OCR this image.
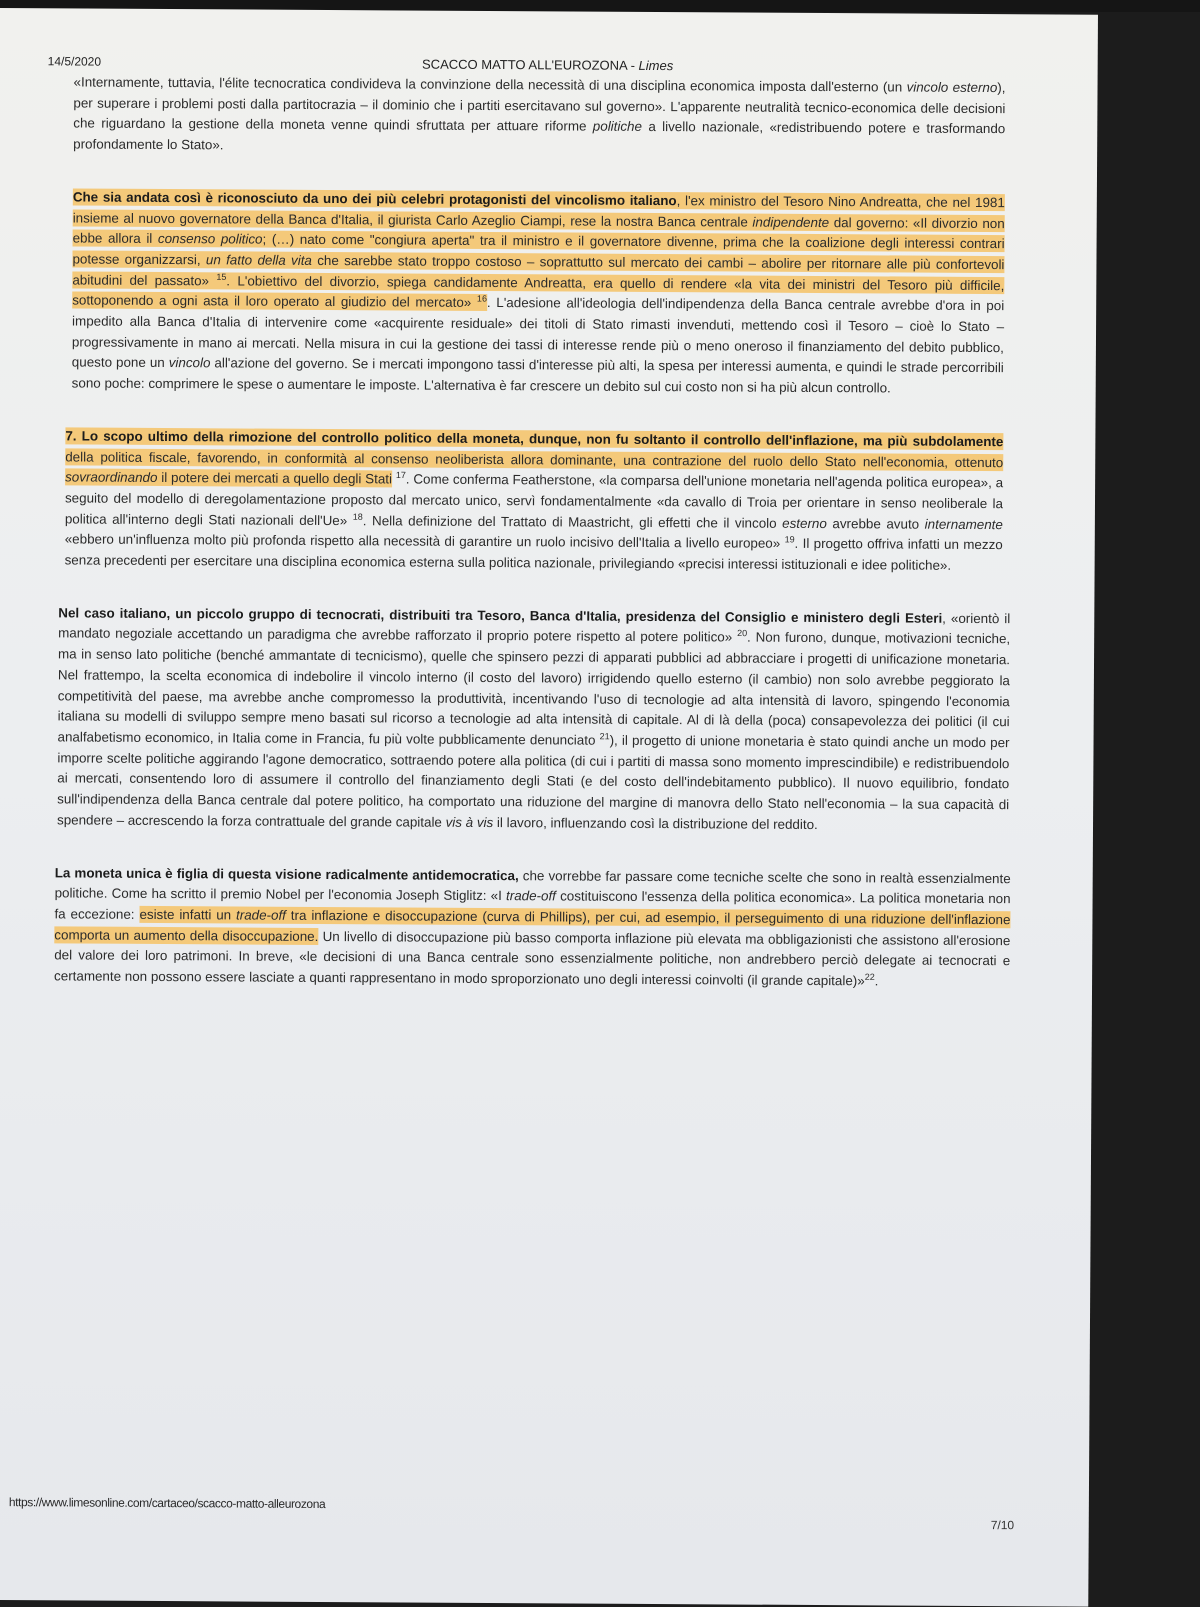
14/5/2020	SCACCO MATTO ALL'EUROZONA - Limes

«Internamente, tuttavia, l'élite tecnocratica condivideva la convinzione della necessità di una disciplina economica imposta dall'esterno (un vincolo esterno), per superare i problemi posti dalla partitocrazia – il dominio che i partiti esercitavano sul governo». L'apparente neutralità tecnico-economica delle decisioni che riguardano la gestione della moneta venne quindi sfruttata per attuare riforme politiche a livello nazionale, «redistribuendo potere e trasformando profondamente lo Stato».

Che sia andata così è riconosciuto da uno dei più celebri protagonisti del vincolismo italiano, l'ex ministro del Tesoro Nino Andreatta, che nel 1981 insieme al nuovo governatore della Banca d'Italia, il giurista Carlo Azeglio Ciampi, rese la nostra Banca centrale indipendente dal governo: «Il divorzio non ebbe allora il consenso politico; (…) nato come "congiura aperta" tra il ministro e il governatore divenne, prima che la coalizione degli interessi contrari potesse organizzarsi, un fatto della vita che sarebbe stato troppo costoso – soprattutto sul mercato dei cambi – abolire per ritornare alle più confortevoli abitudini del passato» $^{15}$. L'obiettivo del divorzio, spiega candidamente Andreatta, era quello di rendere «la vita dei ministri del Tesoro più difficile, sottoponendo a ogni asta il loro operato al giudizio del mercato» $^{16}$. L'adesione all'ideologia dell'indipendenza della Banca centrale avrebbe d'ora in poi impedito alla Banca d'Italia di intervenire come «acquirente residuale» dei titoli di Stato rimasti invenduti, mettendo così il Tesoro – cioè lo Stato – progressivamente in mano ai mercati. Nella misura in cui la gestione dei tassi di interesse rende più o meno oneroso il finanziamento del debito pubblico, questo pone un vincolo all'azione del governo. Se i mercati impongono tassi d'interesse più alti, la spesa per interessi aumenta, e quindi le strade percorribili sono poche: comprimere le spese o aumentare le imposte. L'alternativa è far crescere un debito sul cui costo non si ha più alcun controllo.

7. Lo scopo ultimo della rimozione del controllo politico della moneta, dunque, non fu soltanto il controllo dell'inflazione, ma più subdolamente della politica fiscale, favorendo, in conformità al consenso neoliberista allora dominante, una contrazione del ruolo dello Stato nell'economia, ottenuto sovraordinando il potere dei mercati a quello degli Stati $^{17}$. Come conferma Featherstone, «la comparsa dell'unione monetaria nell'agenda politica europea», a seguito del modello di deregolamentazione proposto dal mercato unico, servì fondamentalmente «da cavallo di Troia per orientare in senso neoliberale la politica all'interno degli Stati nazionali dell'Ue» $^{18}$. Nella definizione del Trattato di Maastricht, gli effetti che il vincolo esterno avrebbe avuto internamente «ebbero un'influenza molto più profonda rispetto alla necessità di garantire un ruolo incisivo dell'Italia a livello europeo» $^{19}$. Il progetto offriva infatti un mezzo senza precedenti per esercitare una disciplina economica esterna sulla politica nazionale, privilegiando «precisi interessi istituzionali e idee politiche».

Nel caso italiano, un piccolo gruppo di tecnocrati, distribuiti tra Tesoro, Banca d'Italia, presidenza del Consiglio e ministero degli Esteri, «orientò il mandato negoziale accettando un paradigma che avrebbe rafforzato il proprio potere rispetto al potere politico» $^{20}$. Non furono, dunque, motivazioni tecniche, ma in senso lato politiche (benché ammantate di tecnicismo), quelle che spinsero pezzi di apparati pubblici ad abbracciare i progetti di unificazione monetaria. Nel frattempo, la scelta economica di indebolire il vincolo interno (il costo del lavoro) irrigidendo quello esterno (il cambio) non solo avrebbe peggiorato la competitività del paese, ma avrebbe anche compromesso la produttività, incentivando l'uso di tecnologie ad alta intensità di lavoro, spingendo l'economia italiana su modelli di sviluppo sempre meno basati sul ricorso a tecnologie ad alta intensità di capitale. Al di là della (poca) consapevolezza dei politici (il cui analfabetismo economico, in Italia come in Francia, fu più volte pubblicamente denunciato $^{21}$), il progetto di unione monetaria è stato quindi anche un modo per imporre scelte politiche aggirando l'agone democratico, sottraendo potere alla politica (di cui i partiti di massa sono momento imprescindibile) e redistribuendolo ai mercati, consentendo loro di assumere il controllo del finanziamento degli Stati (e del costo dell'indebitamento pubblico). Il nuovo equilibrio, fondato sull'indipendenza della Banca centrale dal potere politico, ha comportato una riduzione del margine di manovra dello Stato nell'economia – la sua capacità di spendere – accrescendo la forza contrattuale del grande capitale vis à vis il lavoro, influenzando così la distribuzione del reddito.

La moneta unica è figlia di questa visione radicalmente antidemocratica, che vorrebbe far passare come tecniche scelte che sono in realtà essenzialmente politiche. Come ha scritto il premio Nobel per l'economia Joseph Stiglitz: «I trade-off costituiscono l'essenza della politica economica». La politica monetaria non fa eccezione: esiste infatti un trade-off tra inflazione e disoccupazione (curva di Phillips), per cui, ad esempio, il perseguimento di una riduzione dell'inflazione comporta un aumento della disoccupazione. Un livello di disoccupazione più basso comporta inflazione più elevata ma obbligazionisti che assistono all'erosione del valore dei loro patrimoni. In breve, «le decisioni di una Banca centrale sono essenzialmente politiche, non andrebbero perciò delegate ai tecnocrati e certamente non possono essere lasciate a quanti rappresentano in modo sproporzionato uno degli interessi coinvolti (il grande capitale)»$^{22}$.

https://www.limesonline.com/cartaceo/scacco-matto-alleurozona
7/10
